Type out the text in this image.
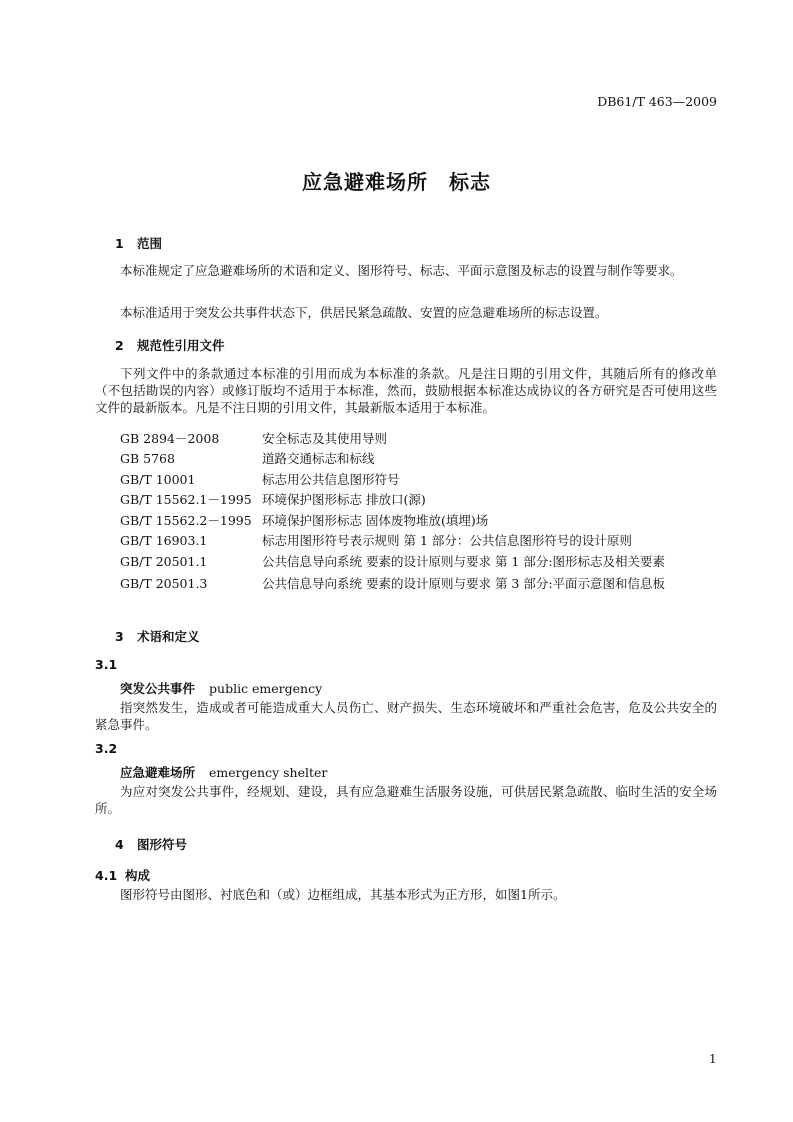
DB61/T 463—2009
应急避难场所　标志
1 范围
本标准规定了应急避难场所的术语和定义、图形符号、标志、平面示意图及标志的设置与制作等要求。
本标准适用于突发公共事件状态下，供居民紧急疏散、安置的应急避难场所的标志设置。
2 规范性引用文件
下列文件中的条款通过本标准的引用而成为本标准的条款。凡是注日期的引用文件，其随后所有的修改单（不包括勘误的内容）或修订版均不适用于本标准，然而，鼓励根据本标准达成协议的各方研究是否可使用这些文件的最新版本。凡是不注日期的引用文件，其最新版本适用于本标准。
GB 2894－2008	安全标志及其使用导则
GB 5768	道路交通标志和标线
GB/T 10001	标志用公共信息图形符号
GB/T 15562.1－1995 环境保护图形标志 排放口(源)
GB/T 15562.2－1995 环境保护图形标志 固体废物堆放(填埋)场
GB/T 16903.1	标志用图形符号表示规则 第 1 部分：公共信息图形符号的设计原则
GB/T 20501.1	公共信息导向系统 要素的设计原则与要求 第 1 部分:图形标志及相关要素
GB/T 20501.3	公共信息导向系统 要素的设计原则与要求 第 3 部分:平面示意图和信息板
3 术语和定义
3.1
突发公共事件 public emergency
指突然发生，造成或者可能造成重大人员伤亡、财产损失、生态环境破坏和严重社会危害，危及公共安全的紧急事件。
3.2
应急避难场所 emergency shelter
为应对突发公共事件，经规划、建设，具有应急避难生活服务设施，可供居民紧急疏散、临时生活的安全场所。
4 图形符号
4.1 构成
图形符号由图形、衬底色和（或）边框组成，其基本形式为正方形，如图1所示。
1
